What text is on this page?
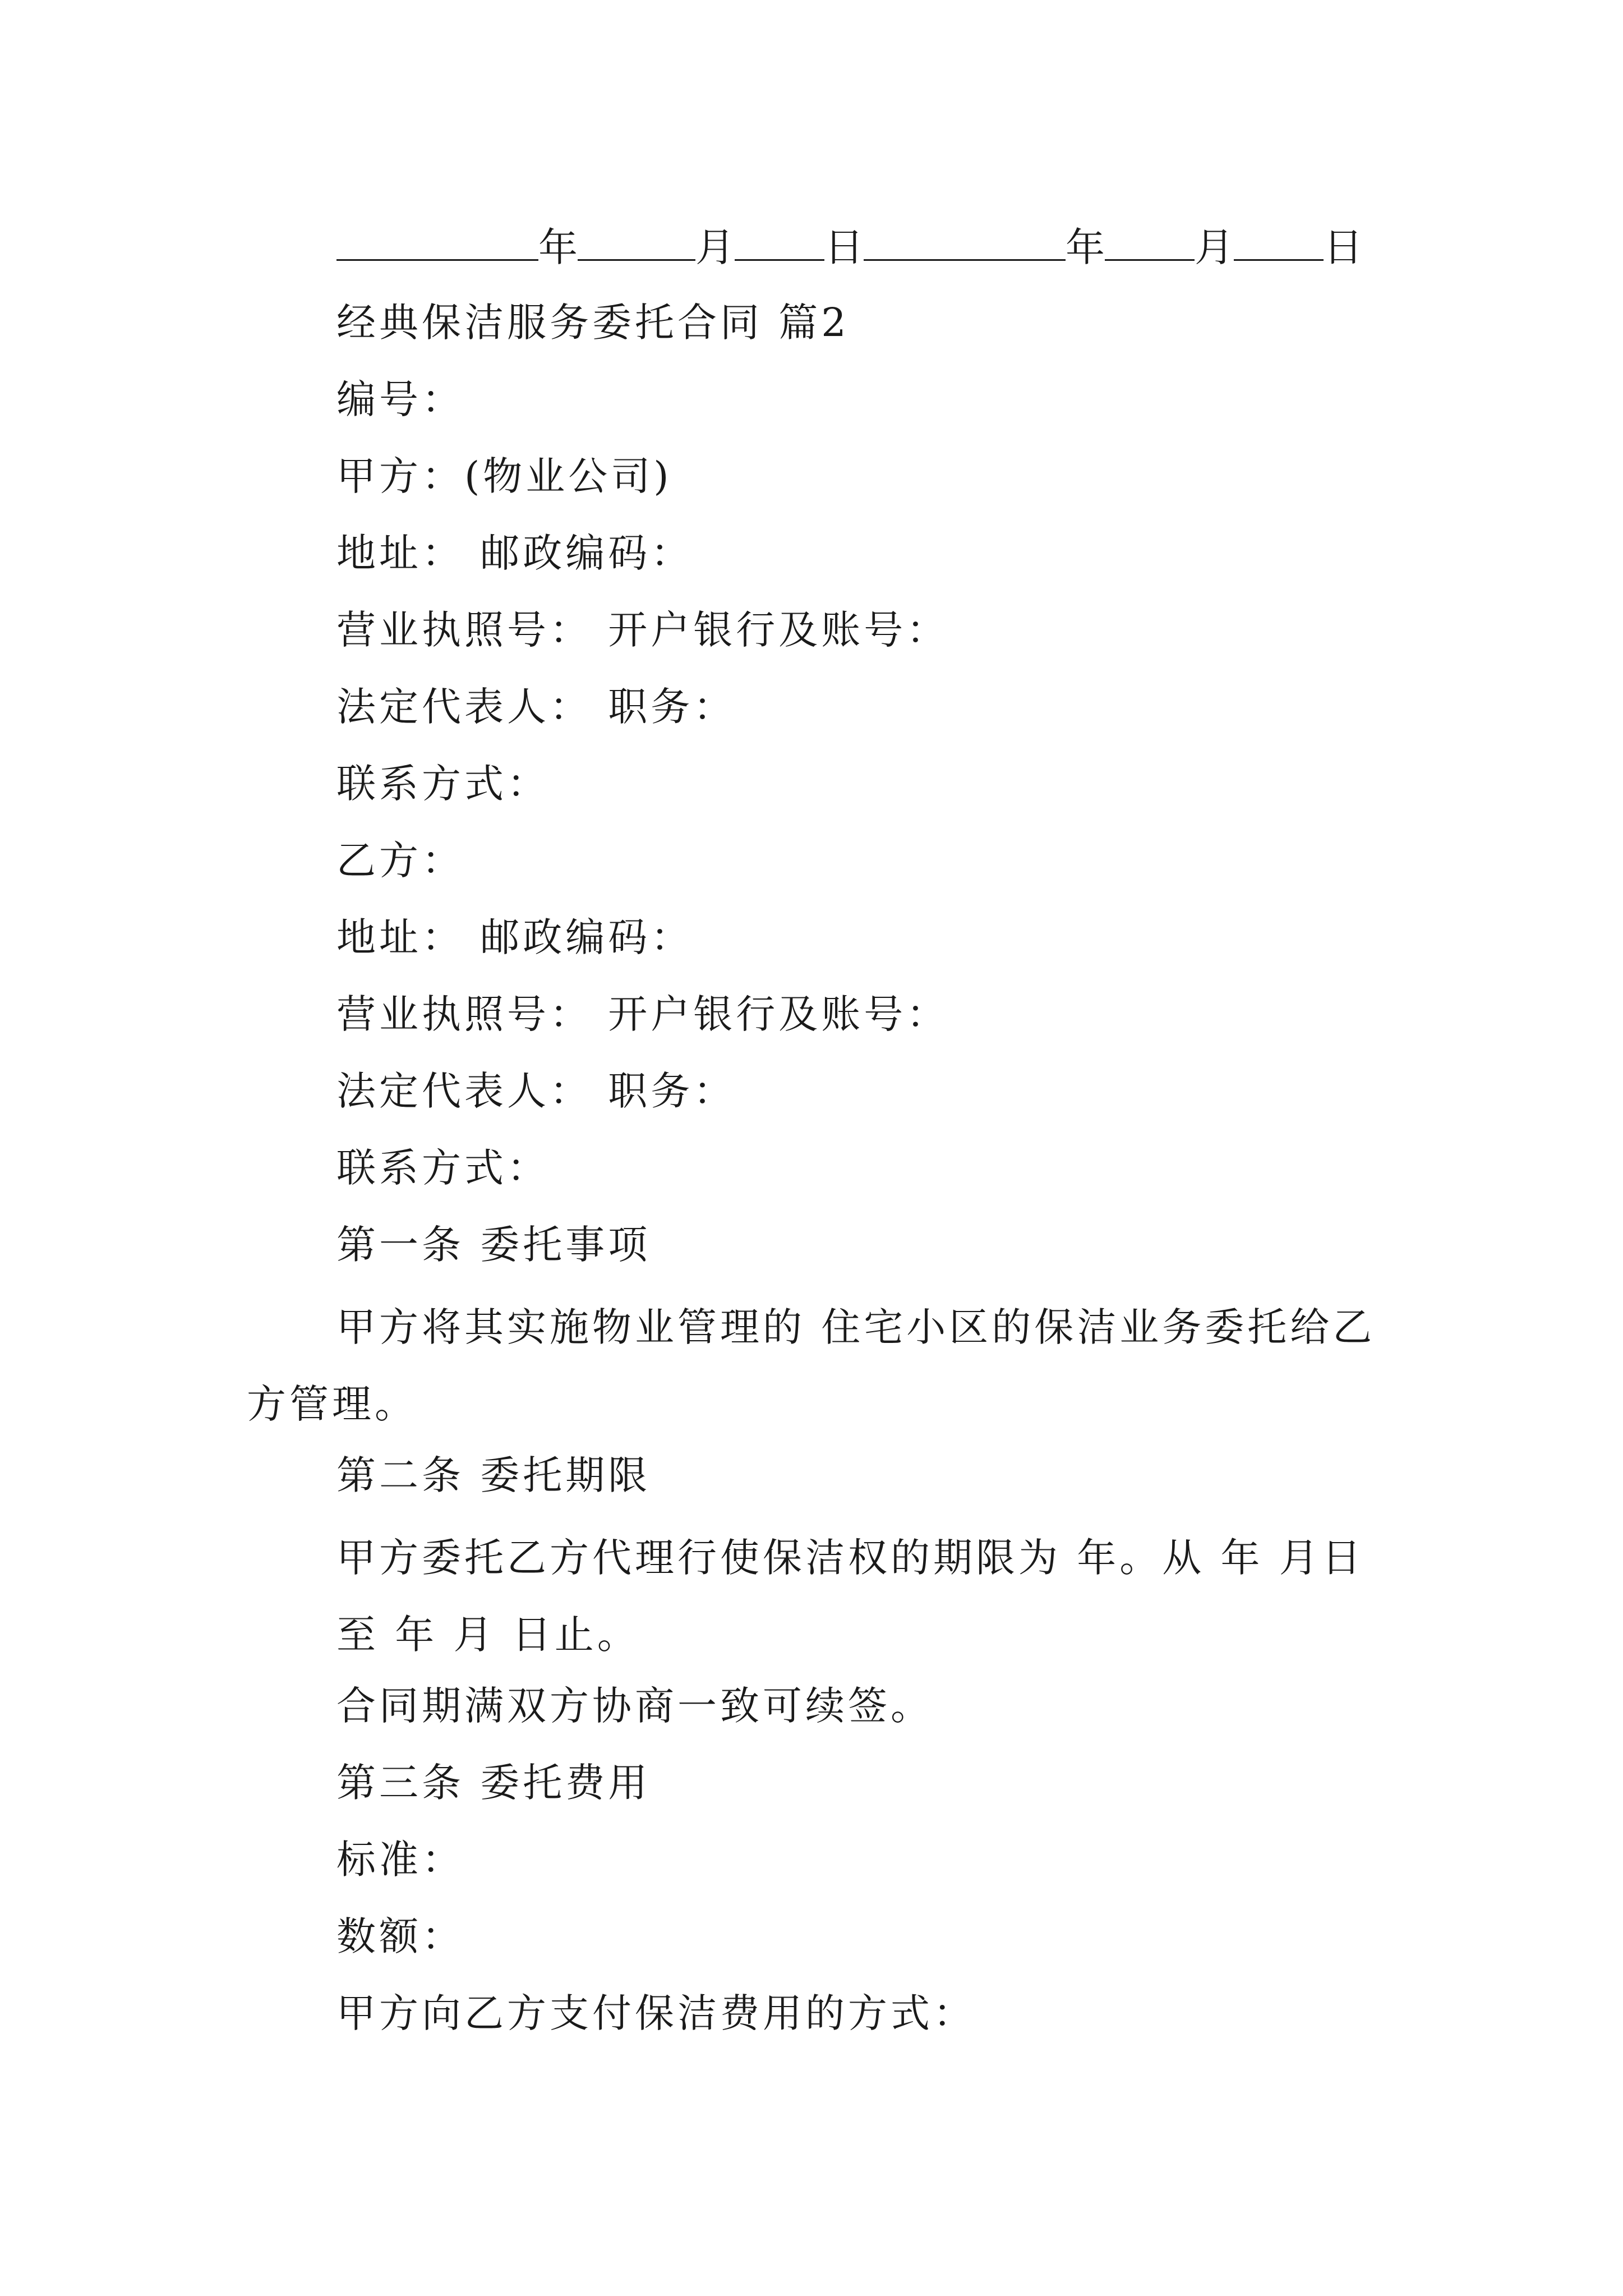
年	月 日	年 月 日
经典保洁服务委托合同 篇2
编号：
甲方：(物业公司)
地址： 邮政编码：
营业执照号： 开户银行及账号：
法定代表人： 职务：
联系方式：
乙方：
地址： 邮政编码：
营业执照号： 开户银行及账号：
法定代表人： 职务：
联系方式：
第一条 委托事项

甲方将其实施物业管理的 住宅小区的保洁业务委托给乙方管理。

第二条 委托期限

甲方委托乙方代理行使保洁权的期限为 年。从 年 月日至 年 月 日止。

合同期满双方协商一致可续签。
第三条 委托费用
标准：
数额：
甲方向乙方支付保洁费用的方式：
